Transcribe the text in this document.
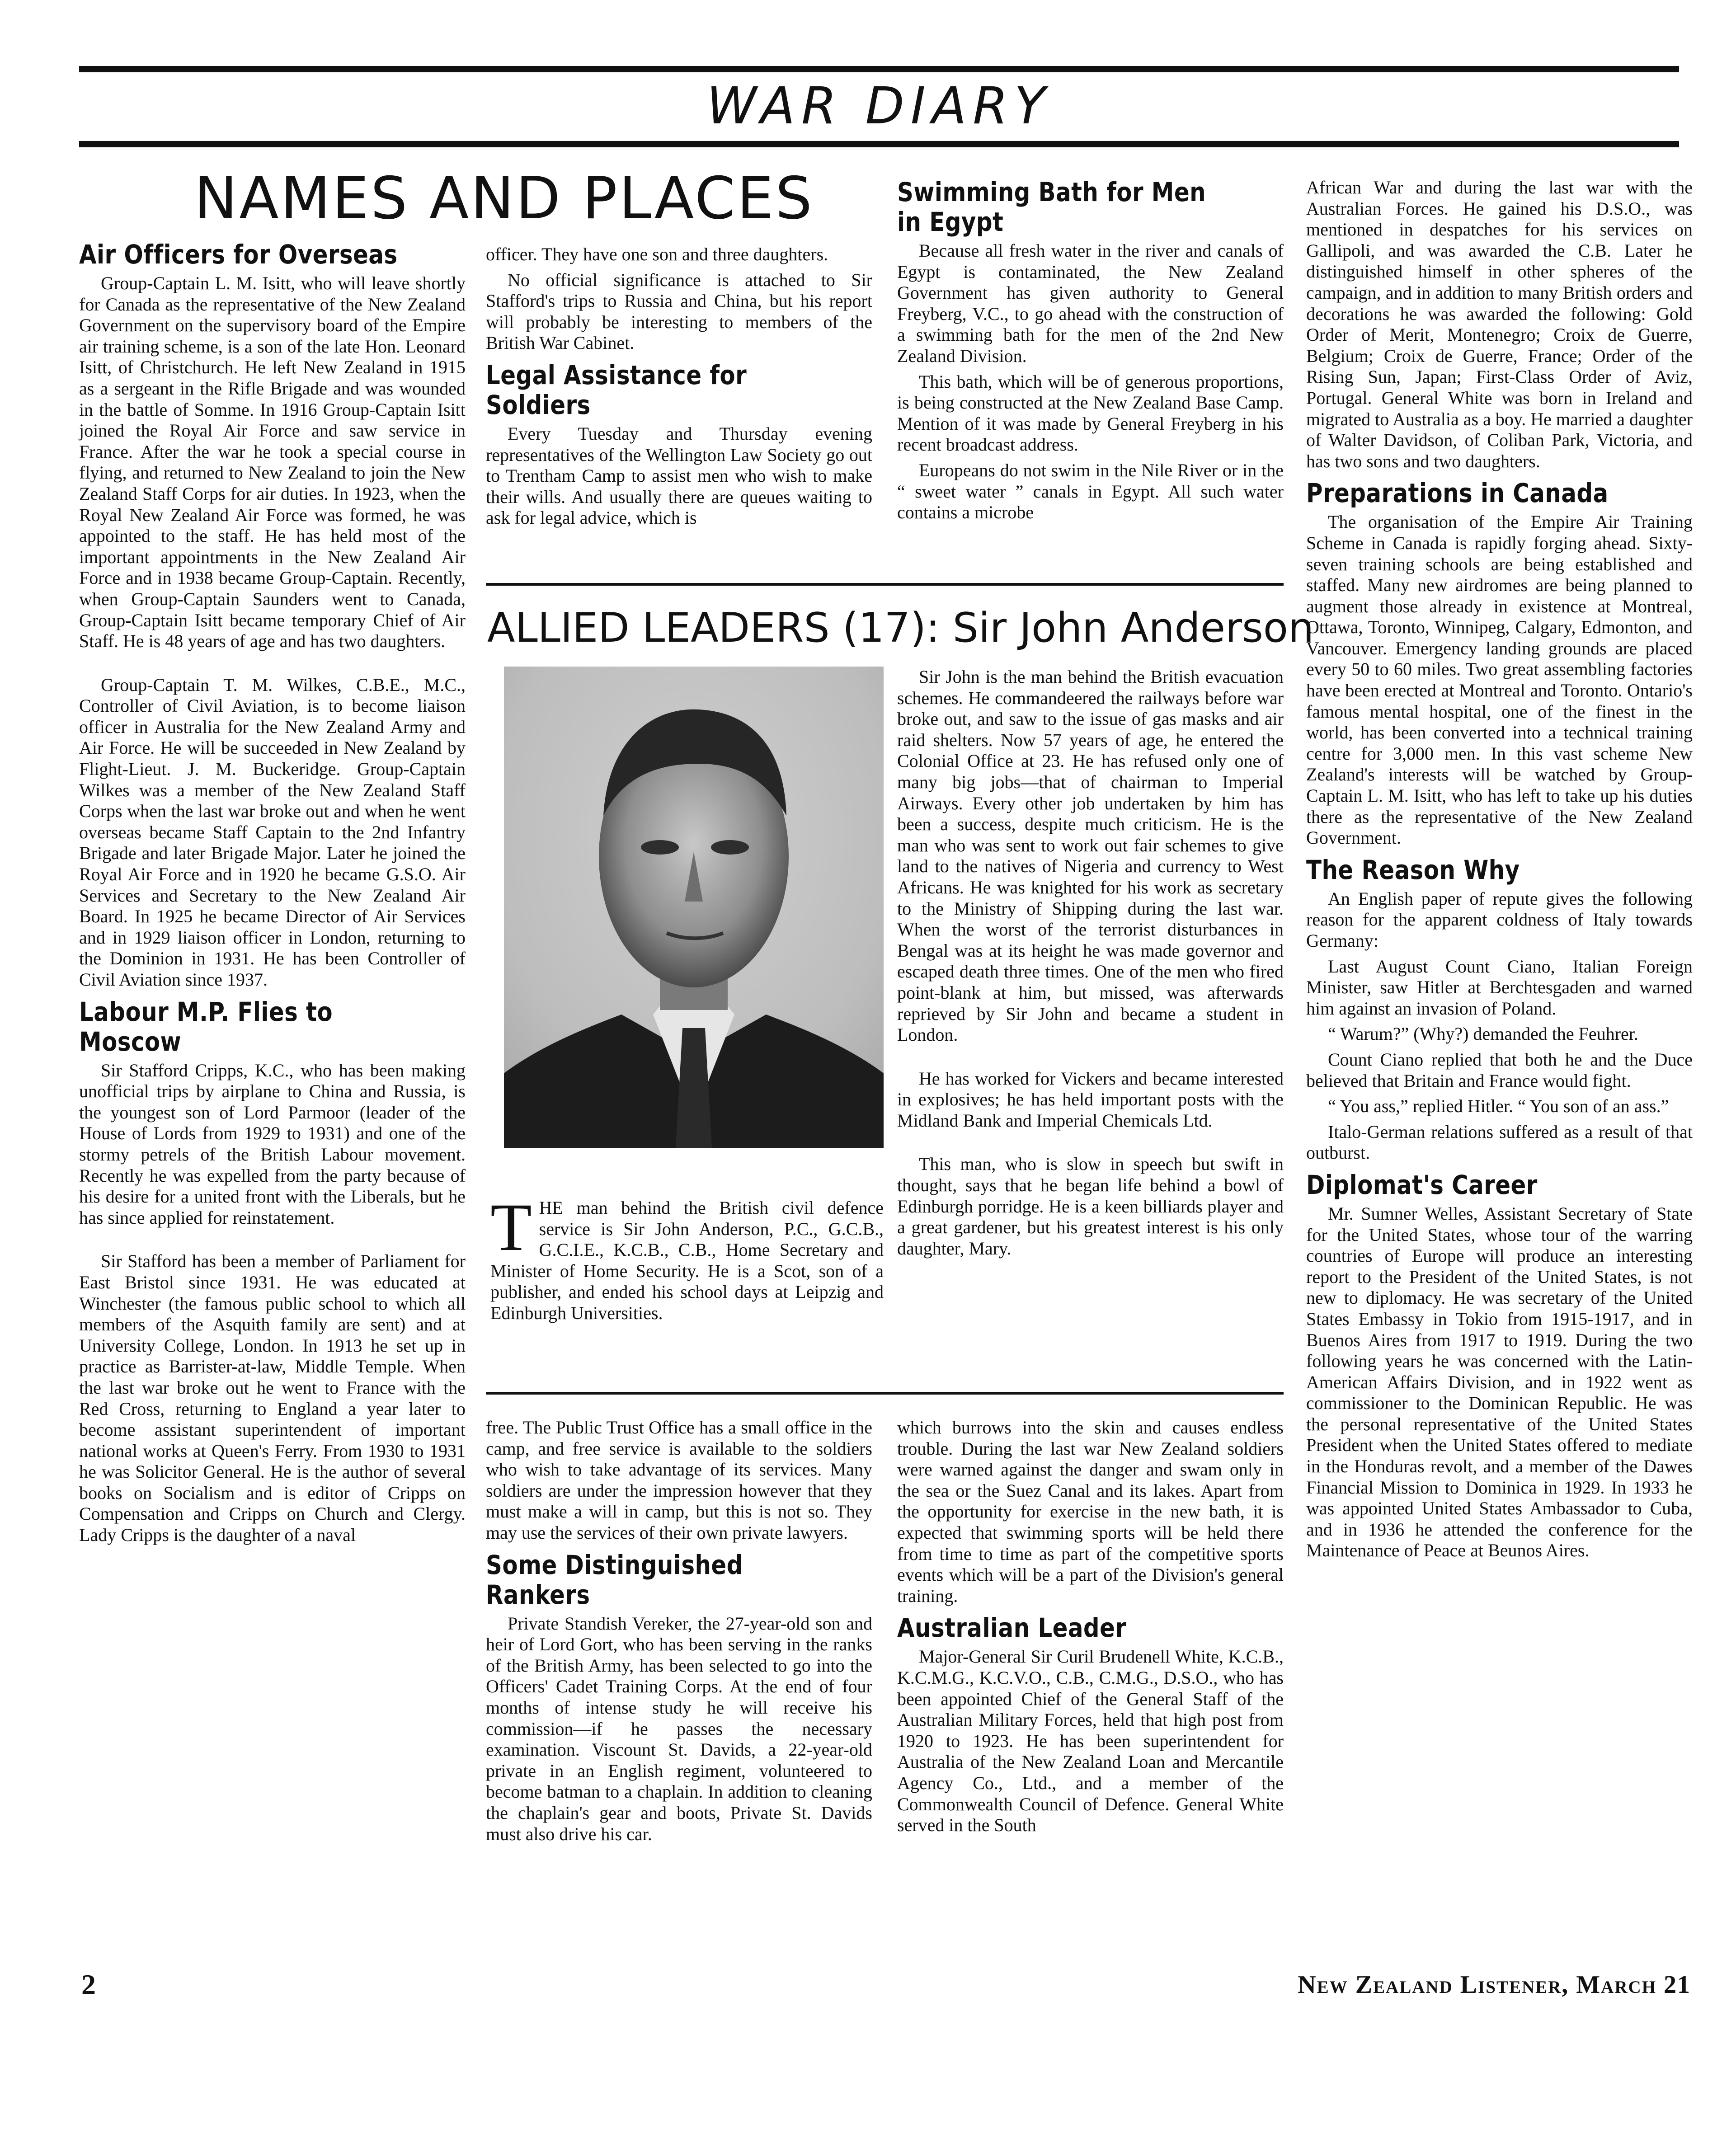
WAR DIARY
NAMES AND PLACES
Air Officers for Overseas

Group-Captain L. M. Isitt, who will leave shortly for Canada as the representative of the New Zealand Government on the supervisory board of the Empire air training scheme, is a son of the late Hon. Leonard Isitt, of Christchurch. He left New Zealand in 1915 as a sergeant in the Rifle Brigade and was wounded in the battle of Somme. In 1916 Group-Captain Isitt joined the Royal Air Force and saw service in France. After the war he took a special course in flying, and returned to New Zealand to join the New Zealand Staff Corps for air duties. In 1923, when the Royal New Zealand Air Force was formed, he was appointed to the staff. He has held most of the important appointments in the New Zealand Air Force and in 1938 became Group-Captain. Recently, when Group-Captain Saunders went to Canada, Group-Captain Isitt became temporary Chief of Air Staff. He is 48 years of age and has two daughters.

Group-Captain T. M. Wilkes, C.B.E., M.C., Controller of Civil Aviation, is to become liaison officer in Australia for the New Zealand Army and Air Force. He will be succeeded in New Zealand by Flight-Lieut. J. M. Buckeridge. Group-Captain Wilkes was a member of the New Zealand Staff Corps when the last war broke out and when he went overseas became Staff Captain to the 2nd Infantry Brigade and later Brigade Major. Later he joined the Royal Air Force and in 1920 he became G.S.O. Air Services and Secretary to the New Zealand Air Board. In 1925 he became Director of Air Services and in 1929 liaison officer in London, returning to the Dominion in 1931. He has been Controller of Civil Aviation since 1937.

Labour M.P. Flies to Moscow

Sir Stafford Cripps, K.C., who has been making unofficial trips by airplane to China and Russia, is the youngest son of Lord Parmoor (leader of the House of Lords from 1929 to 1931) and one of the stormy petrels of the British Labour movement. Recently he was expelled from the party because of his desire for a united front with the Liberals, but he has since applied for reinstatement.

Sir Stafford has been a member of Parliament for East Bristol since 1931. He was educated at Winchester (the famous public school to which all members of the Asquith family are sent) and at University College, London. In 1913 he set up in practice as Barrister-at-law, Middle Temple. When the last war broke out he went to France with the Red Cross, returning to England a year later to become assistant superintendent of important national works at Queen's Ferry. From 1930 to 1931 he was Solicitor General. He is the author of several books on Socialism and is editor of Cripps on Compensation and Cripps on Church and Clergy. Lady Cripps is the daughter of a naval

officer. They have one son and three daughters.

No official significance is attached to Sir Stafford's trips to Russia and China, but his report will probably be interesting to members of the British War Cabinet.

Legal Assistance for Soldiers

Every Tuesday and Thursday evening representatives of the Wellington Law Society go out to Trentham Camp to assist men who wish to make their wills. And usually there are queues waiting to ask for legal advice, which is

Swimming Bath for Men in Egypt

Because all fresh water in the river and canals of Egypt is contaminated, the New Zealand Government has given authority to General Freyberg, V.C., to go ahead with the construction of a swimming bath for the men of the 2nd New Zealand Division.

This bath, which will be of generous proportions, is being constructed at the New Zealand Base Camp. Mention of it was made by General Freyberg in his recent broadcast address.

Europeans do not swim in the Nile River or in the “ sweet water ” canals in Egypt. All such water contains a microbe

ALLIED LEADERS (17): Sir John Anderson

THE man behind the British civil defence service is Sir John Anderson, P.C., G.C.B., G.C.I.E., K.C.B., C.B., Home Secretary and Minister of Home Security. He is a Scot, son of a publisher, and ended his school days at Leipzig and Edinburgh Universities.

Sir John is the man behind the British evacuation schemes. He commandeered the railways before war broke out, and saw to the issue of gas masks and air raid shelters. Now 57 years of age, he entered the Colonial Office at 23. He has refused only one of many big jobs—that of chairman to Imperial Airways. Every other job undertaken by him has been a success, despite much criticism. He is the man who was sent to work out fair schemes to give land to the natives of Nigeria and currency to West Africans. He was knighted for his work as secretary to the Ministry of Shipping during the last war. When the worst of the terrorist disturbances in Bengal was at its height he was made governor and escaped death three times. One of the men who fired point-blank at him, but missed, was afterwards reprieved by Sir John and became a student in London.

He has worked for Vickers and became interested in explosives; he has held important posts with the Midland Bank and Imperial Chemicals Ltd.

This man, who is slow in speech but swift in thought, says that he began life behind a bowl of Edinburgh porridge. He is a keen billiards player and a great gardener, but his greatest interest is his only daughter, Mary.

free. The Public Trust Office has a small office in the camp, and free service is available to the soldiers who wish to take advantage of its services. Many soldiers are under the impression however that they must make a will in camp, but this is not so. They may use the services of their own private lawyers.

Some Distinguished Rankers

Private Standish Vereker, the 27-year-old son and heir of Lord Gort, who has been serving in the ranks of the British Army, has been selected to go into the Officers' Cadet Training Corps. At the end of four months of intense study he will receive his commission—if he passes the necessary examination. Viscount St. Davids, a 22-year-old private in an English regiment, volunteered to become batman to a chaplain. In addition to cleaning the chaplain's gear and boots, Private St. Davids must also drive his car.

which burrows into the skin and causes endless trouble. During the last war New Zealand soldiers were warned against the danger and swam only in the sea or the Suez Canal and its lakes. Apart from the opportunity for exercise in the new bath, it is expected that swimming sports will be held there from time to time as part of the competitive sports events which will be a part of the Division's general training.

Australian Leader

Major-General Sir Curil Brudenell White, K.C.B., K.C.M.G., K.C.V.O., C.B., C.M.G., D.S.O., who has been appointed Chief of the General Staff of the Australian Military Forces, held that high post from 1920 to 1923. He has been superintendent for Australia of the New Zealand Loan and Mercantile Agency Co., Ltd., and a member of the Commonwealth Council of Defence. General White served in the South

African War and during the last war with the Australian Forces. He gained his D.S.O., was mentioned in despatches for his services on Gallipoli, and was awarded the C.B. Later he distinguished himself in other spheres of the campaign, and in addition to many British orders and decorations he was awarded the following: Gold Order of Merit, Montenegro; Croix de Guerre, Belgium; Croix de Guerre, France; Order of the Rising Sun, Japan; First-Class Order of Aviz, Portugal. General White was born in Ireland and migrated to Australia as a boy. He married a daughter of Walter Davidson, of Coliban Park, Victoria, and has two sons and two daughters.

Preparations in Canada

The organisation of the Empire Air Training Scheme in Canada is rapidly forging ahead. Sixty-seven training schools are being established and staffed. Many new airdromes are being planned to augment those already in existence at Montreal, Ottawa, Toronto, Winnipeg, Calgary, Edmonton, and Vancouver. Emergency landing grounds are placed every 50 to 60 miles. Two great assembling factories have been erected at Montreal and Toronto. Ontario's famous mental hospital, one of the finest in the world, has been converted into a technical training centre for 3,000 men. In this vast scheme New Zealand's interests will be watched by Group-Captain L. M. Isitt, who has left to take up his duties there as the representative of the New Zealand Government.

The Reason Why

An English paper of repute gives the following reason for the apparent coldness of Italy towards Germany:

Last August Count Ciano, Italian Foreign Minister, saw Hitler at Berchtesgaden and warned him against an invasion of Poland.

“ Warum?” (Why?) demanded the Feuhrer.

Count Ciano replied that both he and the Duce believed that Britain and France would fight.

“ You ass,” replied Hitler. “ You son of an ass.”

Italo-German relations suffered as a result of that outburst.

Diplomat's Career

Mr. Sumner Welles, Assistant Secretary of State for the United States, whose tour of the warring countries of Europe will produce an interesting report to the President of the United States, is not new to diplomacy. He was secretary of the United States Embassy in Tokio from 1915-1917, and in Buenos Aires from 1917 to 1919. During the two following years he was concerned with the Latin-American Affairs Division, and in 1922 went as commissioner to the Dominican Republic. He was the personal representative of the United States President when the United States offered to mediate in the Honduras revolt, and a member of the Dawes Financial Mission to Dominica in 1929. In 1933 he was appointed United States Ambassador to Cuba, and in 1936 he attended the conference for the Maintenance of Peace at Beunos Aires.

2	New Zealand Listener, March 21
